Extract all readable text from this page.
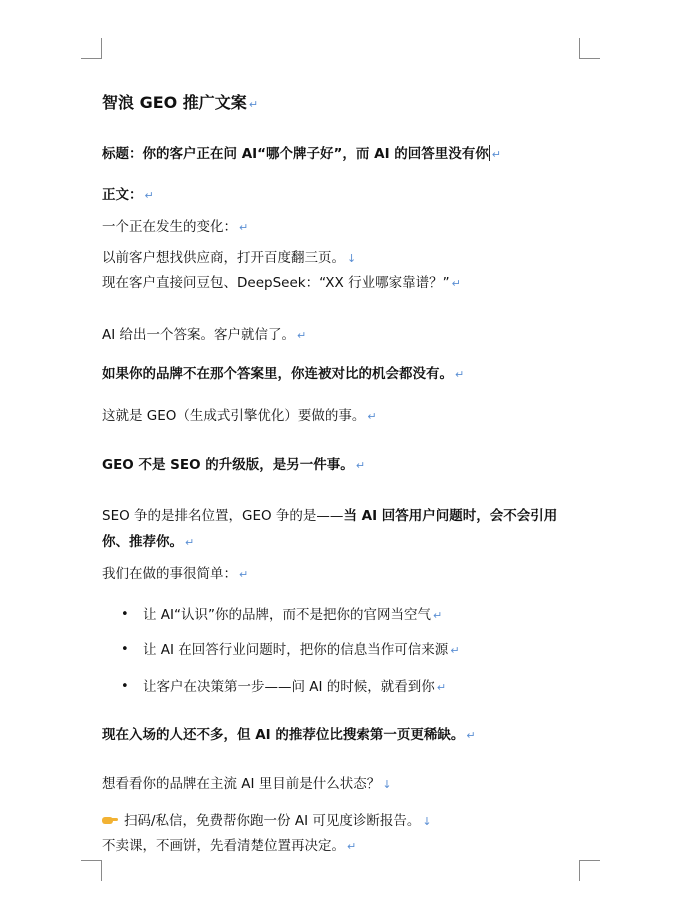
智浪 GEO 推广文案 ↵
标题：你的客户正在问 AI“哪个牌子好”，而 AI 的回答里没有你 ↵
正文： ↵
一个正在发生的变化： ↵
以前客户想找供应商，打开百度翻三页。 ↓
现在客户直接问豆包、DeepSeek：“XX 行业哪家靠谱？” ↵
AI 给出一个答案。客户就信了。 ↵
如果你的品牌不在那个答案里，你连被对比的机会都没有。 ↵
这就是 GEO（生成式引擎优化）要做的事。 ↵
GEO 不是 SEO 的升级版，是另一件事。 ↵
SEO 争的是排名位置，GEO 争的是——当 AI 回答用户问题时，会不会引用
你、推荐你。 ↵
我们在做的事很简单： ↵
• 让 AI“认识”你的品牌，而不是把你的官网当空气 ↵
• 让 AI 在回答行业问题时，把你的信息当作可信来源 ↵
• 让客户在决策第一步——问 AI 的时候，就看到你 ↵
现在入场的人还不多，但 AI 的推荐位比搜索第一页更稀缺。 ↵
想看看你的品牌在主流 AI 里目前是什么状态？ ↓
扫码/私信，免费帮你跑一份 AI 可见度诊断报告。 ↓
不卖课，不画饼，先看清楚位置再决定。 ↵
